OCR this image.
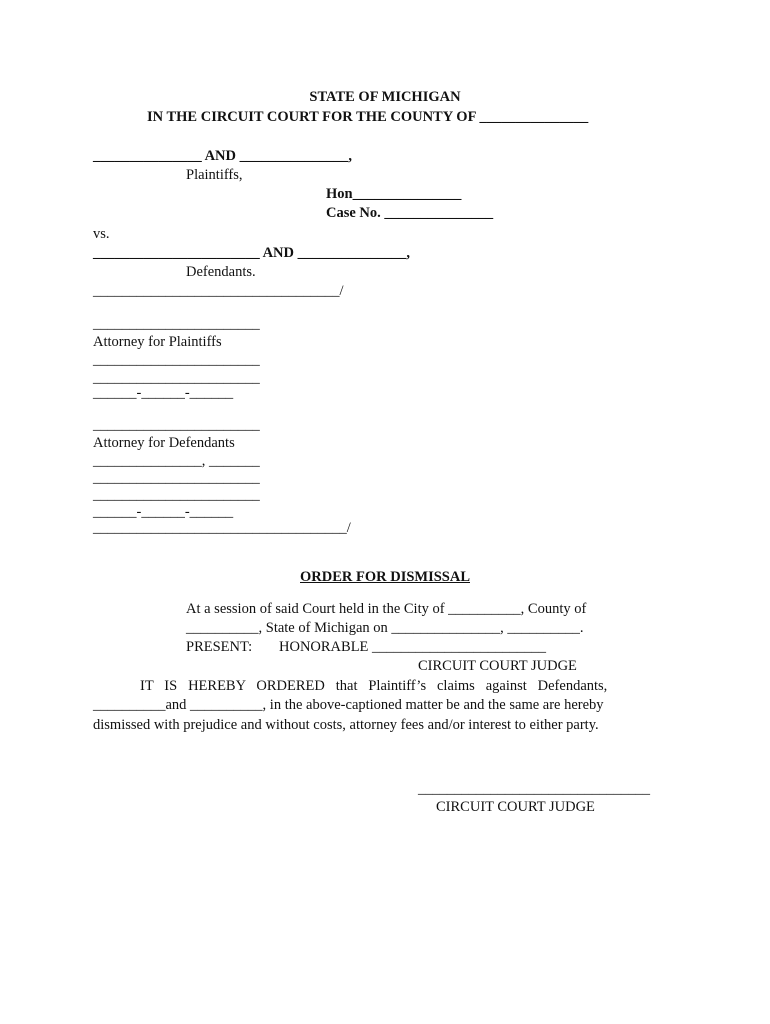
STATE OF MICHIGAN
IN THE CIRCUIT COURT FOR THE COUNTY OF _______________
_______________ AND _______________,
Plaintiffs,
Hon_______________
Case No. _______________
vs.
_______________________ AND _______________,
Defendants.
__________________________________/
_______________________
Attorney for Plaintiffs
_______________________
_______________________
______-______-______
_______________________
Attorney for Defendants
_______________, _______
_______________________
_______________________
______-______-______
___________________________________/
ORDER FOR DISMISSAL
At a session of said Court held in the City of __________, County of
__________, State of Michigan on _______________, __________.
PRESENT: HONORABLE ________________________
CIRCUIT COURT JUDGE
IT   IS   HEREBY   ORDERED   that   Plaintiff’s   claims   against   Defendants,
__________and __________, in the above-captioned matter be and the same are hereby
dismissed with prejudice and without costs, attorney fees and/or interest to either party.
________________________________
CIRCUIT COURT JUDGE
